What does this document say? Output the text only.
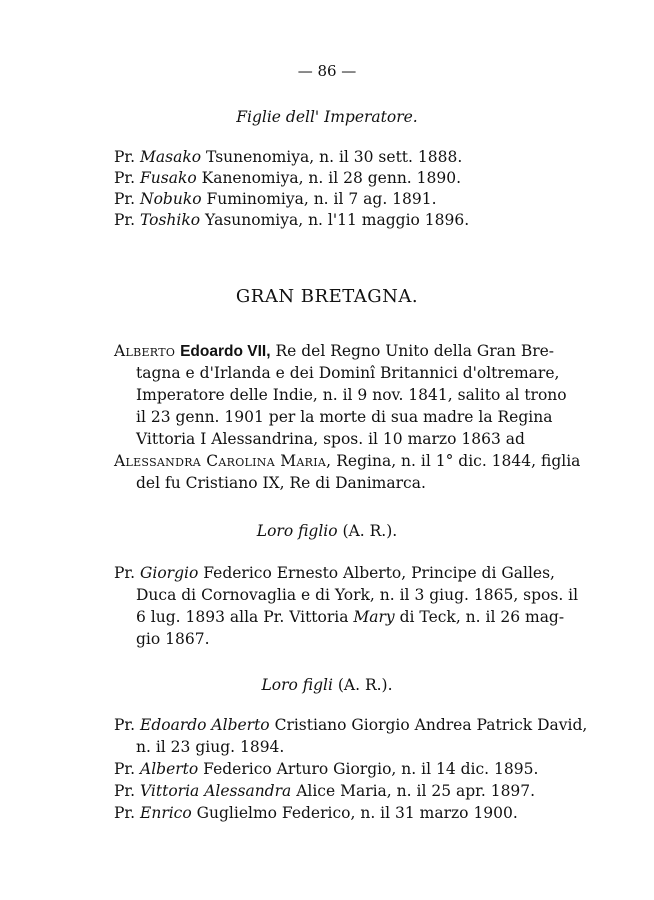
— 86 —
Figlie dell' Imperatore.
Pr. Masako Tsunenomiya, n. il 30 sett. 1888.
Pr. Fusako Kanenomiya, n. il 28 genn. 1890.
Pr. Nobuko Fuminomiya, n. il 7 ag. 1891.
Pr. Toshiko Yasunomiya, n. l'11 maggio 1896.
GRAN BRETAGNA.
Alberto Edoardo VII, Re del Regno Unito della Gran Bre-
tagna e d'Irlanda e dei Dominî Britannici d'oltremare,
Imperatore delle Indie, n. il 9 nov. 1841, salito al trono
il 23 genn. 1901 per la morte di sua madre la Regina
Vittoria I Alessandrina, spos. il 10 marzo 1863 ad
Alessandra Carolina Maria, Regina, n. il 1° dic. 1844, figlia
del fu Cristiano IX, Re di Danimarca.
Loro figlio (A. R.).
Pr. Giorgio Federico Ernesto Alberto, Principe di Galles,
Duca di Cornovaglia e di York, n. il 3 giug. 1865, spos. il
6 lug. 1893 alla Pr. Vittoria Mary di Teck, n. il 26 mag-
gio 1867.
Loro figli (A. R.).
Pr. Edoardo Alberto Cristiano Giorgio Andrea Patrick David,
n. il 23 giug. 1894.
Pr. Alberto Federico Arturo Giorgio, n. il 14 dic. 1895.
Pr. Vittoria Alessandra Alice Maria, n. il 25 apr. 1897.
Pr. Enrico Guglielmo Federico, n. il 31 marzo 1900.
